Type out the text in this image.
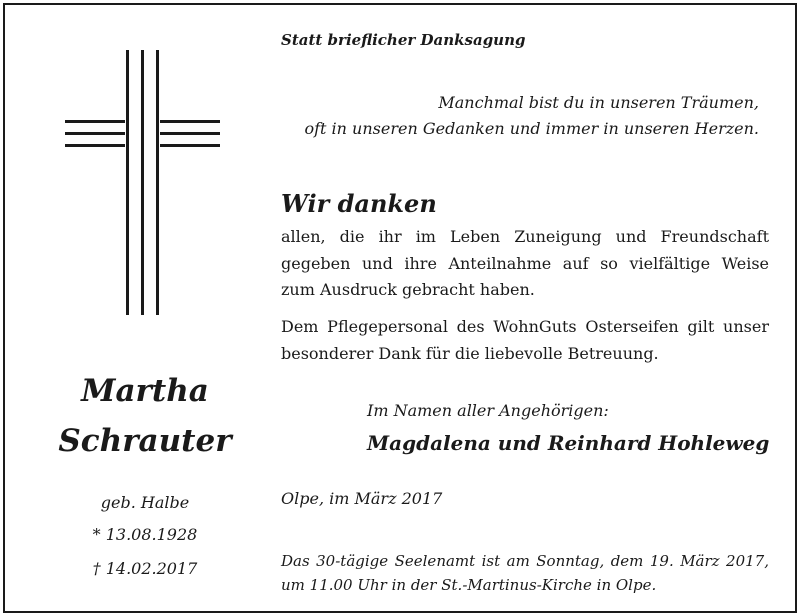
Statt brieflicher Danksagung
Manchmal bist du in unseren Träumen,
oft in unseren Gedanken und immer in unseren Herzen.
Wir danken
allen, die ihr im Leben Zuneigung und Freundschaft
gegeben und ihre Anteilnahme auf so vielfältige Weise
zum Ausdruck gebracht haben.
Dem Pflegepersonal des WohnGuts Osterseifen gilt unser
besonderer Dank für die liebevolle Betreuung.
Martha
Schrauter
geb. Halbe
* 13.08.1928
† 14.02.2017
Im Namen aller Angehörigen:
Magdalena und Reinhard Hohleweg
Olpe, im März 2017
Das 30-tägige Seelenamt ist am Sonntag, dem 19. März 2017,
um 11.00 Uhr in der St.-Martinus-Kirche in Olpe.
